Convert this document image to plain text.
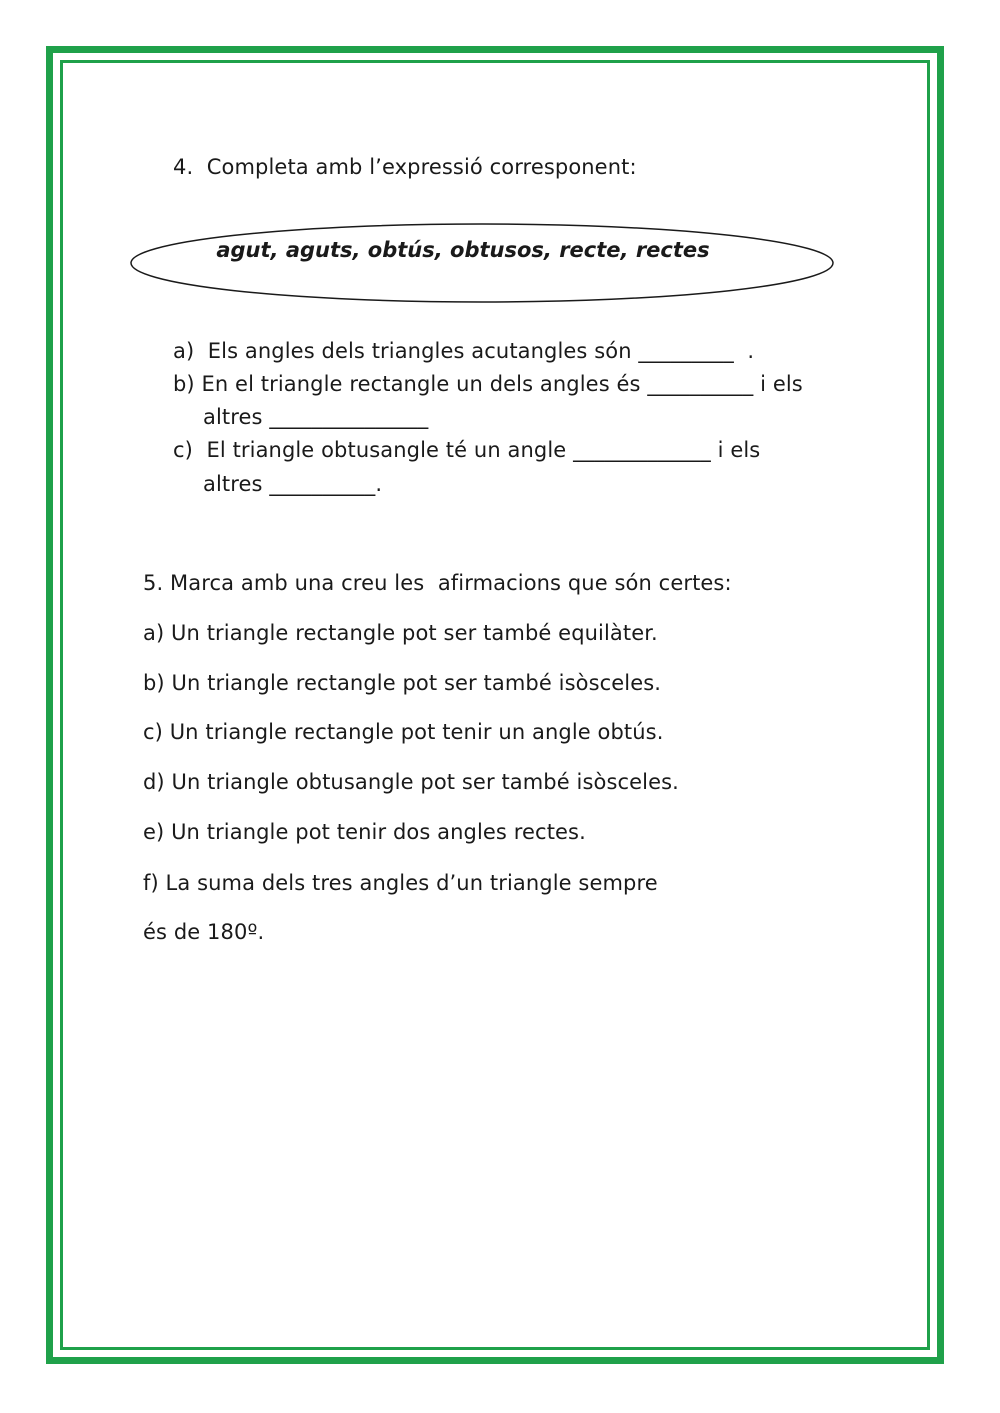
4.  Completa amb l’expressió corresponent:
agut, aguts, obtús, obtusos, recte, rectes
a)  Els angles dels triangles acutangles són _________  .
b) En el triangle rectangle un dels angles és __________ i els
altres _______________
c)  El triangle obtusangle té un angle _____________ i els
altres __________.
5. Marca amb una creu les  afirmacions que són certes:
a) Un triangle rectangle pot ser també equilàter.
b) Un triangle rectangle pot ser també isòsceles.
c) Un triangle rectangle pot tenir un angle obtús.
d) Un triangle obtusangle pot ser també isòsceles.
e) Un triangle pot tenir dos angles rectes.
f) La suma dels tres angles d’un triangle sempre
és de 180º.
